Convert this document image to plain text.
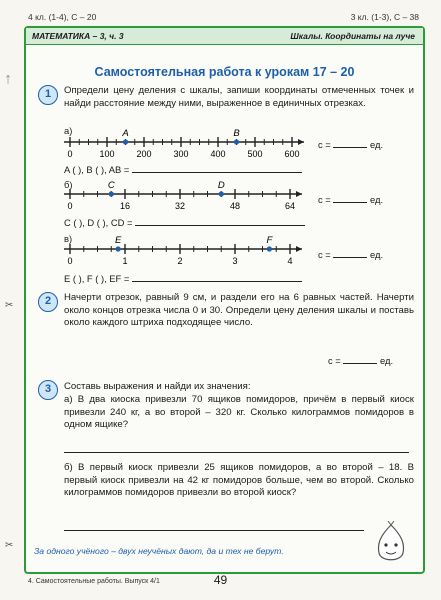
4 кл. (1-4), С – 20	3 кл. (1-3), С – 38
✂
ᛏ
МАТЕМАТИКА – 3, ч. 3	Шкалы. Координаты на луче
Самостоятельная работа к урокам 17 – 20
1	Определи цену деления c шкалы, запиши координаты отмеченных точек и найди расстояние между ними, выраженное в единичных отрезках.
а)
0	100 200 300 400 500 600
A	B
c =	ед.
A ( ), B ( ), AB =
б)
0	16	32	48	64
C	D
c =	ед.
C ( ), D ( ), CD =
в)
0	1	2	3	4
E	F
c =	ед.
E ( ), F ( ), EF =
2	Начерти отрезок, равный 9 см, и раздели его на 6 равных частей. Начерти около концов отрезка числа 0 и 30. Определи цену деления шкалы и поставь около каждого штриха подходящее число.
c =	ед.
3	Составь выражения и найди их значения:
а) В два киоска привезли 70 ящиков помидоров, причём в первый киоск привезли 240 кг, а во второй – 320 кг. Сколько килограммов помидоров в одном ящике?
б) В первый киоск привезли 25 ящиков помидоров, а во второй – 18. В первый киоск привезли на 42 кг помидоров больше, чем во второй. Сколько килограммов помидоров привезли во второй киоск?
За одного учёного – двух неучёных дают, да и тех не берут.
✂
4. Самостоятельные работы. Выпуск 4/1	49
